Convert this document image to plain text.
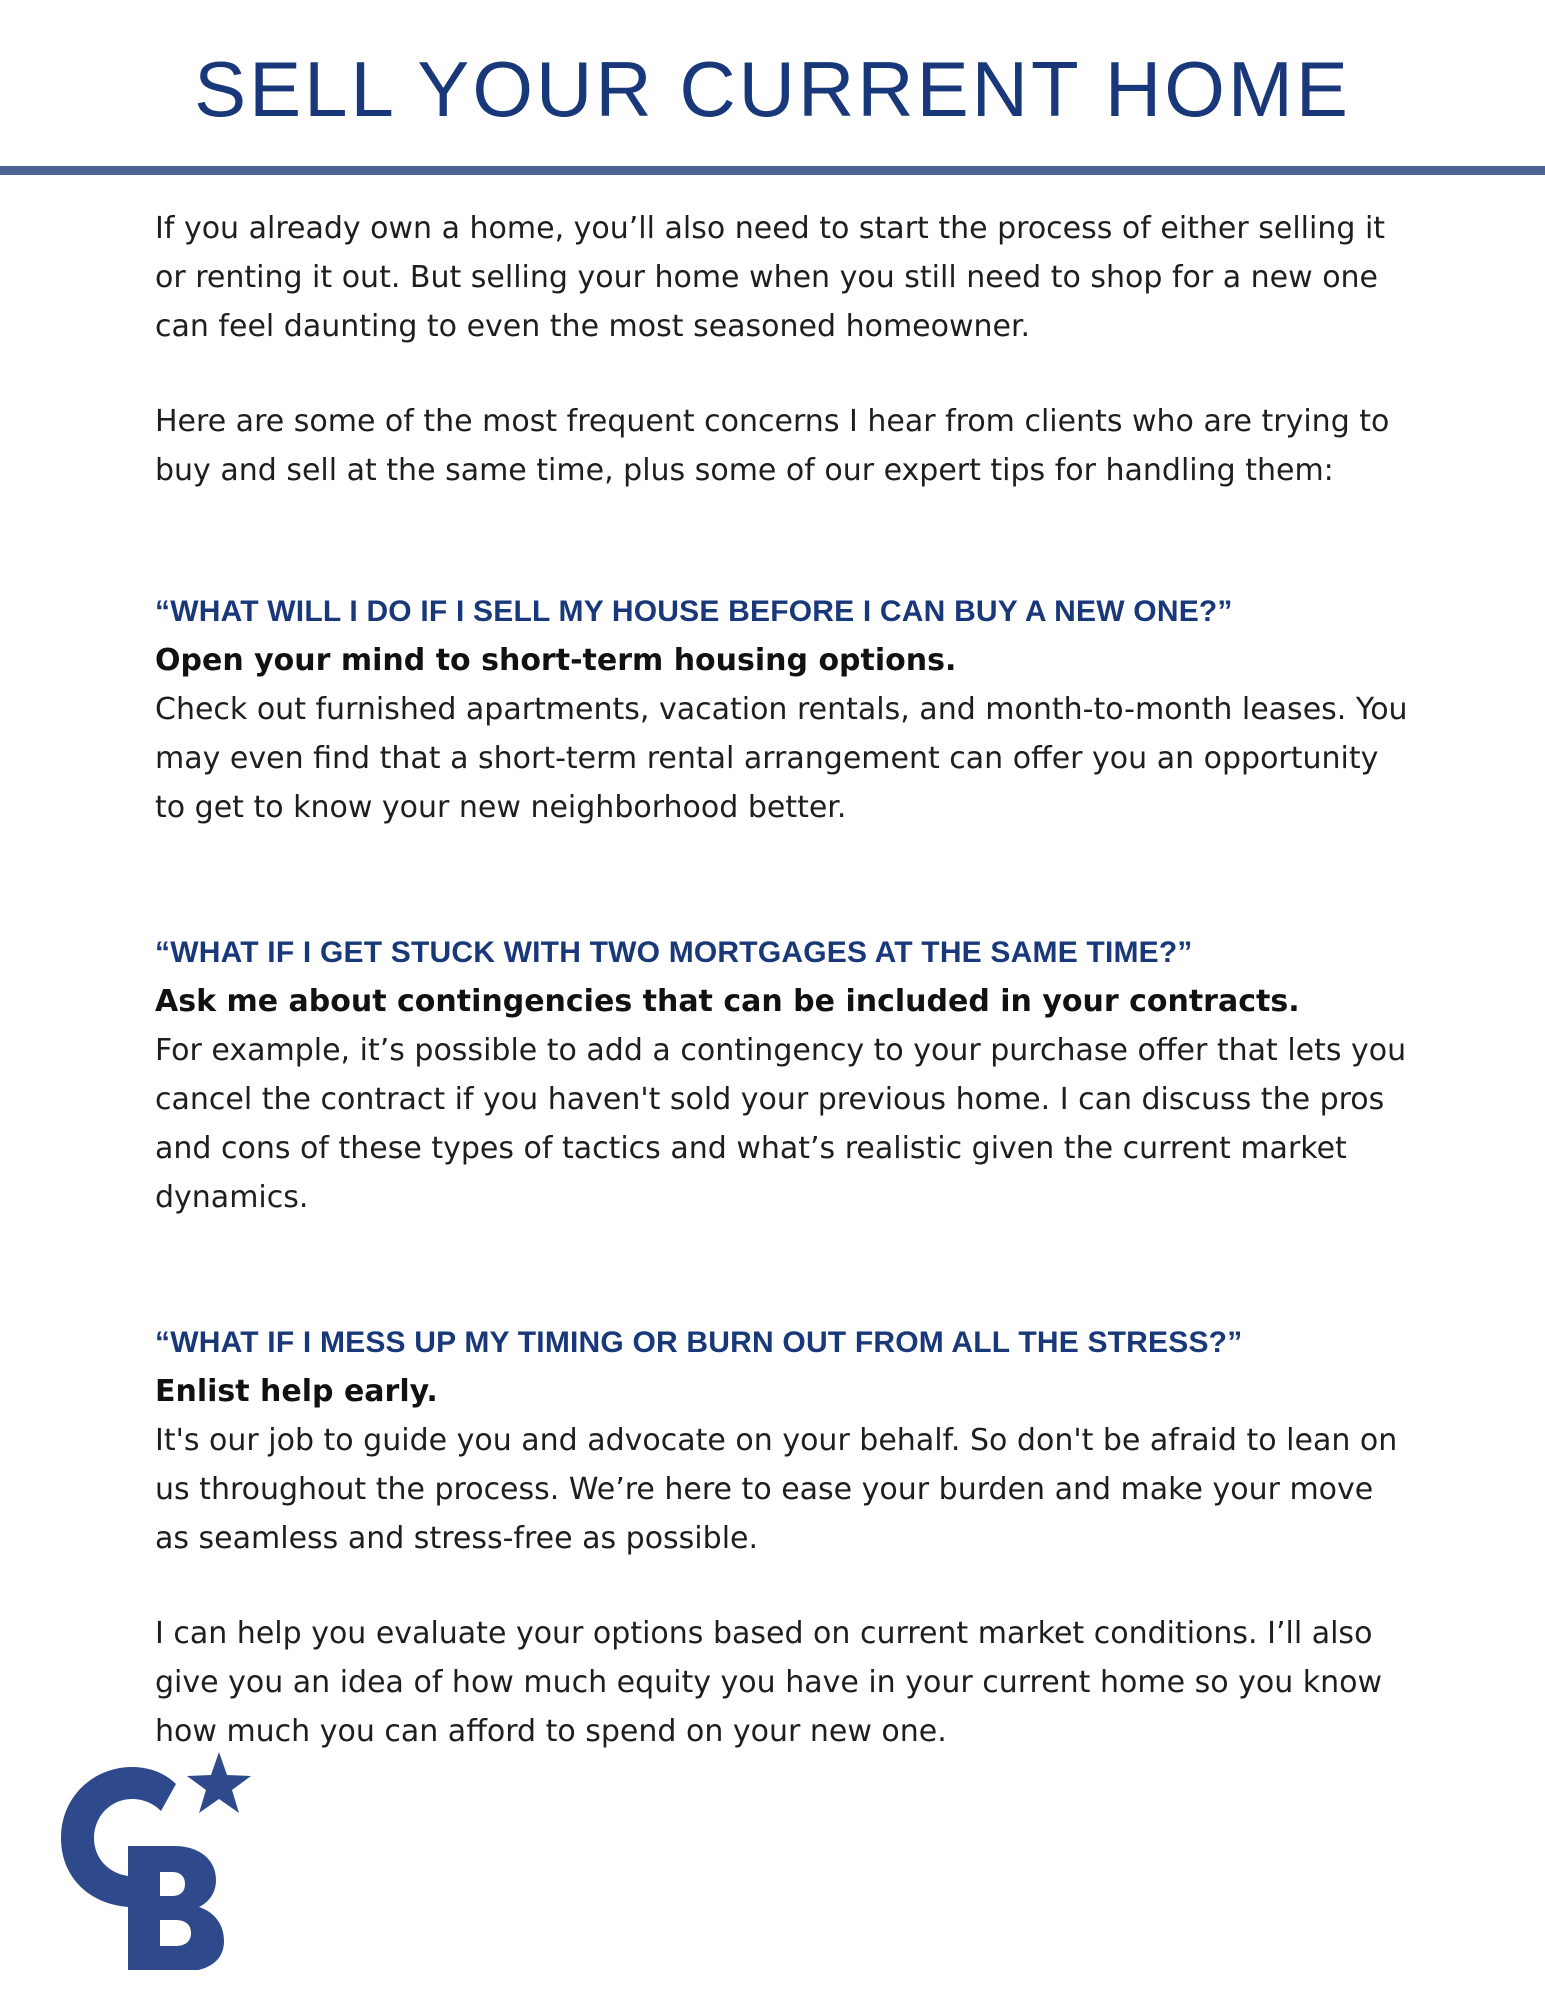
SELL YOUR CURRENT HOME

If you already own a home, you’ll also need to start the process of either selling it or renting it out. But selling your home when you still need to shop for a new one can feel daunting to even the most seasoned homeowner.

Here are some of the most frequent concerns I hear from clients who are trying to buy and sell at the same time, plus some of our expert tips for handling them:

“WHAT WILL I DO IF I SELL MY HOUSE BEFORE I CAN BUY A NEW ONE?”

Open your mind to short-term housing options.

Check out furnished apartments, vacation rentals, and month-to-month leases. You may even find that a short-term rental arrangement can offer you an opportunity to get to know your new neighborhood better.

“WHAT IF I GET STUCK WITH TWO MORTGAGES AT THE SAME TIME?”

Ask me about contingencies that can be included in your contracts.

For example, it’s possible to add a contingency to your purchase offer that lets you cancel the contract if you haven't sold your previous home. I can discuss the pros and cons of these types of tactics and what’s realistic given the current market dynamics.

“WHAT IF I MESS UP MY TIMING OR BURN OUT FROM ALL THE STRESS?”

Enlist help early.

It's our job to guide you and advocate on your behalf. So don't be afraid to lean on us throughout the process. We’re here to ease your burden and make your move as seamless and stress-free as possible.

I can help you evaluate your options based on current market conditions. I’ll also give you an idea of how much equity you have in your current home so you know how much you can afford to spend on your new one.
